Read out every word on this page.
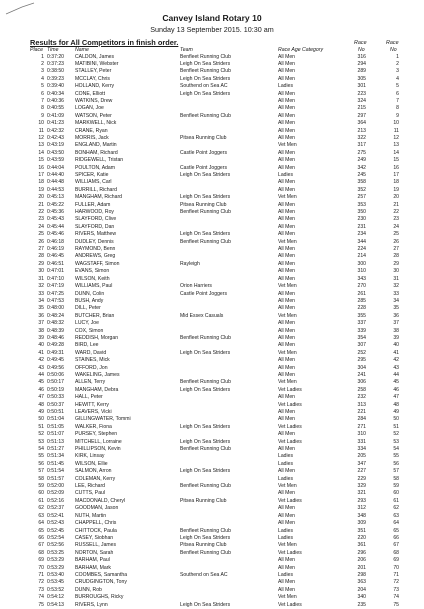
Canvey Island Rotary 10
Sunday 13 September 2015. 10:30 am
Results for All Competitors in finish order.	Race	Race
Place Time	Name	Team	Race Age Category	No	No
1 0:37:20 CALDON, James	Benfleet Running Club	All Men	316	1
2 0:37:23 MATIBINI, Webster	Leigh On Sea Striders	All Men	294	2
3 0:38:50 STALLEY, Peter	Benfleet Running Club	All Men	289	3
4 0:39:23 MCCLAY, Chris	Leigh On Sea Striders	All Men	305	4
5 0:39:40 HOLLAND, Kerry	Southend on Sea AC	Ladies	301	5
6 0:40:34 CONE, Elliott	Leigh On Sea Striders	All Men	223	6
7 0:40:36 WATKINS, Drew	All Men	324	7
8 0:40:55 LOGAN, Joe	All Men	215	8
9 0:41:09 WATSON, Peter	Benfleet Running Club	All Men	297	9
10 0:41:23 MARKWELL, Nick	All Men	364	10
11 0:42:32 CRANE, Ryan	All Men	213	11
12 0:42:43 MORRIS, Jack	Pitsea Running Club	All Men	322	12
13 0:43:19 ENGLAND, Martin	Vet Men	317	13
14 0:43:50 BONHAM, Richard	Castle Point Joggers	All Men	275	14
15 0:43:59 RIDGEWELL, Tristan	All Men	249	15
16 0:44:04 POULTON, Adam	Castle Point Joggers	All Men	342	16
17 0:44:40 SPICER, Katie	Leigh On Sea Striders	Ladies	245	17
18 0:44:48 WILLIAMS, Carl	All Men	358	18
19 0:44:53 BURRILL, Richard	All Men	352	19
20 0:45:13 MANGHAM, Richard	Leigh On Sea Striders	Vet Men	257	20
21 0:45:22 FULLER, Adam	Pitsea Running Club	All Men	353	21
22 0:45:36 HARWOOD, Roy	Benfleet Running Club	All Men	350	22
23 0:45:43 SLAYFORD, Clive	All Men	230	23
24 0:45:44 SLAYFORD, Dan	All Men	231	24
25 0:45:46 RIVERS, Matthew	Leigh On Sea Striders	All Men	234	25
26 0:46:18 DUDLEY, Dennis	Benfleet Running Club	Vet Men	344	26
27 0:46:19 RAYMOND, Benn	All Men	224	27
28 0:46:45 ANDREWS, Greg	All Men	214	28
29 0:46:51 WAGSTAFF, Simon	Rayleigh	All Men	300	29
30 0:47:01 EVANS, Simon	All Men	310	30
31 0:47:10 WILSON, Keith	All Men	343	31
32 0:47:19 WILLIAMS, Paul	Orion Harriers	Vet Men	270	32
33 0:47:25 DUNN, Colin	Castle Point Joggers	All Men	261	33
34 0:47:53 BUSH, Andy	All Men	285	34
35 0:48:00 DILL, Peter	All Men	228	35
36 0:48:24 BUTCHER, Brian	Mid Essex Casuals	Vet Men	355	36
37 0:48:32 LUCY, Joe	All Men	337	37
38 0:48:39 COX, Simon	All Men	339	38
39 0:48:46 REDDISH, Morgan	Benfleet Running Club	All Men	354	39
40 0:49:28 BIRD, Lee	All Men	307	40
41 0:49:31 WARD, David	Leigh On Sea Striders	Vet Men	252	41
42 0:49:45 STAINES, Mick	All Men	295	42
43 0:49:56 OFFORD, Jon	All Men	304	43
44 0:50:06 WAKELING, James	All Men	241	44
45 0:50:17 ALLEN, Terry	Benfleet Running Club	Vet Men	306	45
46 0:50:19 MANGHAM, Debra	Leigh On Sea Striders	Vet Ladies	258	46
47 0:50:33 HALL, Peter	All Men	232	47
48 0:50:37 HEWITT, Kerry	Vet Ladies	313	48
49 0:50:51 LEAVERS, Vicki	All Men	221	49
50 0:51:04 GILLINGWATER, Tommi	All Men	284	50
51 0:51:05 WALKER, Fiona	Leigh On Sea Striders	Vet Ladies	271	51
52 0:51:07 PURSEY, Stephen	All Men	310	52
53 0:51:13 MITCHELL, Lorraine	Leigh On Sea Striders	Vet Ladies	331	53
54 0:51:27 PHILLIPSON, Kevin	Benfleet Running Club	All Men	334	54
55 0:51:34 KIRK, Linsay	Ladies	205	55
56 0:51:45 WILSON, Ellie	Ladies	347	56
57 0:51:54 SALMON, Arron	Leigh On Sea Striders	All Men	227	57
58 0:51:57 COLEMAN, Kerry	Ladies	229	58
59 0:52:00 LEE, Richard	Benfleet Running Club	Vet Men	329	59
60 0:52:09 CUTTS, Paul	All Men	321	60
61 0:52:16 MACDONALD, Cheryl	Pitsea Running Club	Vet Ladies	293	61
62 0:52:37 GOODMAN, Jason	All Men	312	62
63 0:52:41 NUTH, Martin	All Men	348	63
64 0:52:43 CHAPPELL, Chris	All Men	309	64
65 0:52:45 CHITTOCK, Paula	Benfleet Running Club	Ladies	351	65
66 0:52:54 CASEY, Siobhan	Leigh On Sea Striders	Ladies	220	66
67 0:52:56 RUSSELL, James	Pitsea Running Club	Vet Men	361	67
68 0:53:25 NORTON, Sarah	Benfleet Running Club	Vet Ladies	296	68
69 0:53:29 BARHAM, Paul	All Men	206	69
70 0:53:29 BARHAM, Mark	All Men	201	70
71 0:53:40 COOMBES, Samantha	Southend on Sea AC	Ladies	298	71
72 0:53:45 CRUDGINGTON, Tony	All Men	363	72
73 0:53:52 DUNN, Rob	All Men	204	73
74 0:54:12 BURROUGHS, Ricky	Vet Men	340	74
75 0:54:13 RIVERS, Lynn	Leigh On Sea Striders	Vet Ladies	235	75
